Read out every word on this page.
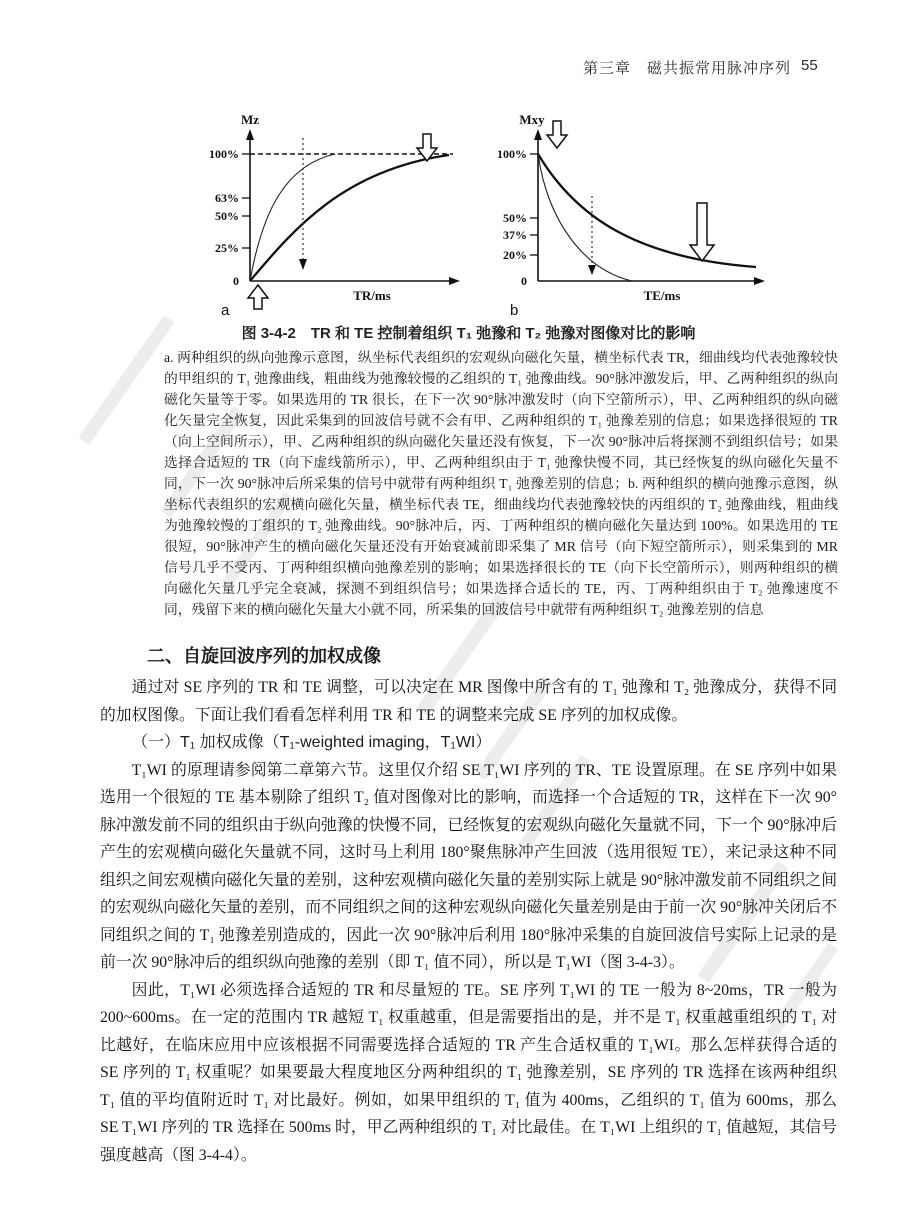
第三章　磁共振常用脉冲序列 55
100%
63%
50%
25%
0
Mz
TR/ms
a
100%
50%
37%
20%
0
Mxy
TE/ms
b
图 3-4-2　TR 和 TE 控制着组织 T₁ 弛豫和 T₂ 弛豫对图像对比的影响
a. 两种组织的纵向弛豫示意图，纵坐标代表组织的宏观纵向磁化矢量，横坐标代表 TR，细曲线均代表弛豫较快的甲组织的 T₁ 弛豫曲线，粗曲线为弛豫较慢的乙组织的 T₁ 弛豫曲线。90°脉冲激发后，甲、乙两种组织的纵向磁化矢量等于零。如果选用的 TR 很长，在下一次 90°脉冲激发时（向下空箭所示），甲、乙两种组织的纵向磁化矢量完全恢复，因此采集到的回波信号就不会有甲、乙两种组织的 T₁ 弛豫差别的信息；如果选择很短的 TR（向上空间所示），甲、乙两种组织的纵向磁化矢量还没有恢复，下一次 90°脉冲后将探测不到组织信号；如果选择合适短的 TR（向下虚线箭所示），甲、乙两种组织由于 T₁ 弛豫快慢不同，其已经恢复的纵向磁化矢量不同，下一次 90°脉冲后所采集的信号中就带有两种组织 T₁ 弛豫差别的信息；b. 两种组织的横向弛豫示意图，纵坐标代表组织的宏观横向磁化矢量，横坐标代表 TE，细曲线均代表弛豫较快的丙组织的 T₂ 弛豫曲线，粗曲线为弛豫较慢的丁组织的 T₂ 弛豫曲线。90°脉冲后，丙、丁两种组织的横向磁化矢量达到 100%。如果选用的 TE 很短，90°脉冲产生的横向磁化矢量还没有开始衰减前即采集了 MR 信号（向下短空箭所示），则采集到的 MR 信号几乎不受丙、丁两种组织横向弛豫差别的影响；如果选择很长的 TE（向下长空箭所示），则两种组织的横向磁化矢量几乎完全衰减，探测不到组织信号；如果选择合适长的 TE，丙、丁两种组织由于 T₂ 弛豫速度不同，残留下来的横向磁化矢量大小就不同，所采集的回波信号中就带有两种组织 T₂ 弛豫差别的信息
二、自旋回波序列的加权成像

通过对 SE 序列的 TR 和 TE 调整，可以决定在 MR 图像中所含有的 T₁ 弛豫和 T₂ 弛豫成分，获得不同的加权图像。下面让我们看看怎样利用 TR 和 TE 的调整来完成 SE 序列的加权成像。

（一）T₁ 加权成像（T₁-weighted imaging，T₁WI）

T₁WI 的原理请参阅第二章第六节。这里仅介绍 SE T₁WI 序列的 TR、TE 设置原理。在 SE 序列中如果选用一个很短的 TE 基本剔除了组织 T₂ 值对图像对比的影响，而选择一个合适短的 TR，这样在下一次 90°脉冲激发前不同的组织由于纵向弛豫的快慢不同，已经恢复的宏观纵向磁化矢量就不同，下一个 90°脉冲后产生的宏观横向磁化矢量就不同，这时马上利用 180°聚焦脉冲产生回波（选用很短 TE），来记录这种不同组织之间宏观横向磁化矢量的差别，这种宏观横向磁化矢量的差别实际上就是 90°脉冲激发前不同组织之间的宏观纵向磁化矢量的差别，而不同组织之间的这种宏观纵向磁化矢量差别是由于前一次 90°脉冲关闭后不同组织之间的 T₁ 弛豫差别造成的，因此一次 90°脉冲后利用 180°脉冲采集的自旋回波信号实际上记录的是前一次 90°脉冲后的组织纵向弛豫的差别（即 T₁ 值不同），所以是 T₁WI（图 3-4-3）。

因此，T₁WI 必须选择合适短的 TR 和尽量短的 TE。SE 序列 T₁WI 的 TE 一般为 8~20ms，TR 一般为 200~600ms。在一定的范围内 TR 越短 T₁ 权重越重，但是需要指出的是，并不是 T₁ 权重越重组织的 T₁ 对比越好，在临床应用中应该根据不同需要选择合适短的 TR 产生合适权重的 T₁WI。那么怎样获得合适的 SE 序列的 T₁ 权重呢？如果要最大程度地区分两种组织的 T₁ 弛豫差别，SE 序列的 TR 选择在该两种组织 T₁ 值的平均值附近时 T₁ 对比最好。例如，如果甲组织的 T₁ 值为 400ms，乙组织的 T₁ 值为 600ms，那么 SE T₁WI 序列的 TR 选择在 500ms 时，甲乙两种组织的 T₁ 对比最佳。在 T₁WI 上组织的 T₁ 值越短，其信号强度越高（图 3-4-4）。
